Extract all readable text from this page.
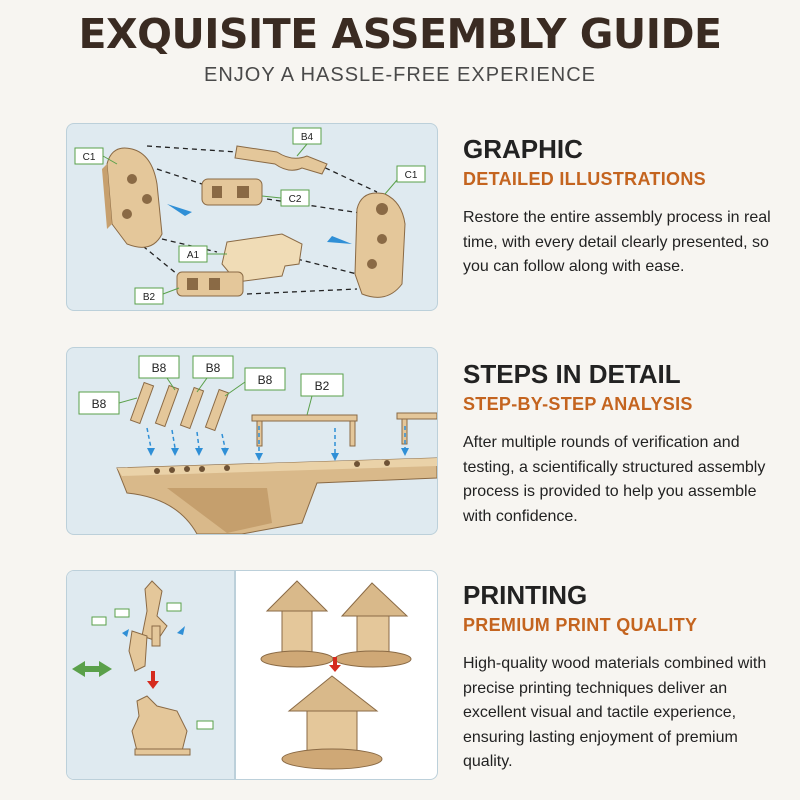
EXQUISITE ASSEMBLY GUIDE
ENJOY A HASSLE-FREE EXPERIENCE
C1
B4
C1
C2
A1
B2
B8
B8	B8
B8	B2
GRAPHIC
DETAILED ILLUSTRATIONS

Restore the entire assembly process in real time, with every detail clearly presented, so you can follow along with ease.

STEPS IN DETAIL
STEP-BY-STEP ANALYSIS

After multiple rounds of verification and testing, a scientifically structured assembly process is provided to help you assemble with confidence.

PRINTING
PREMIUM PRINT QUALITY

High-quality wood materials combined with precise printing techniques deliver an excellent visual and tactile experience, ensuring lasting enjoyment of premium quality.
